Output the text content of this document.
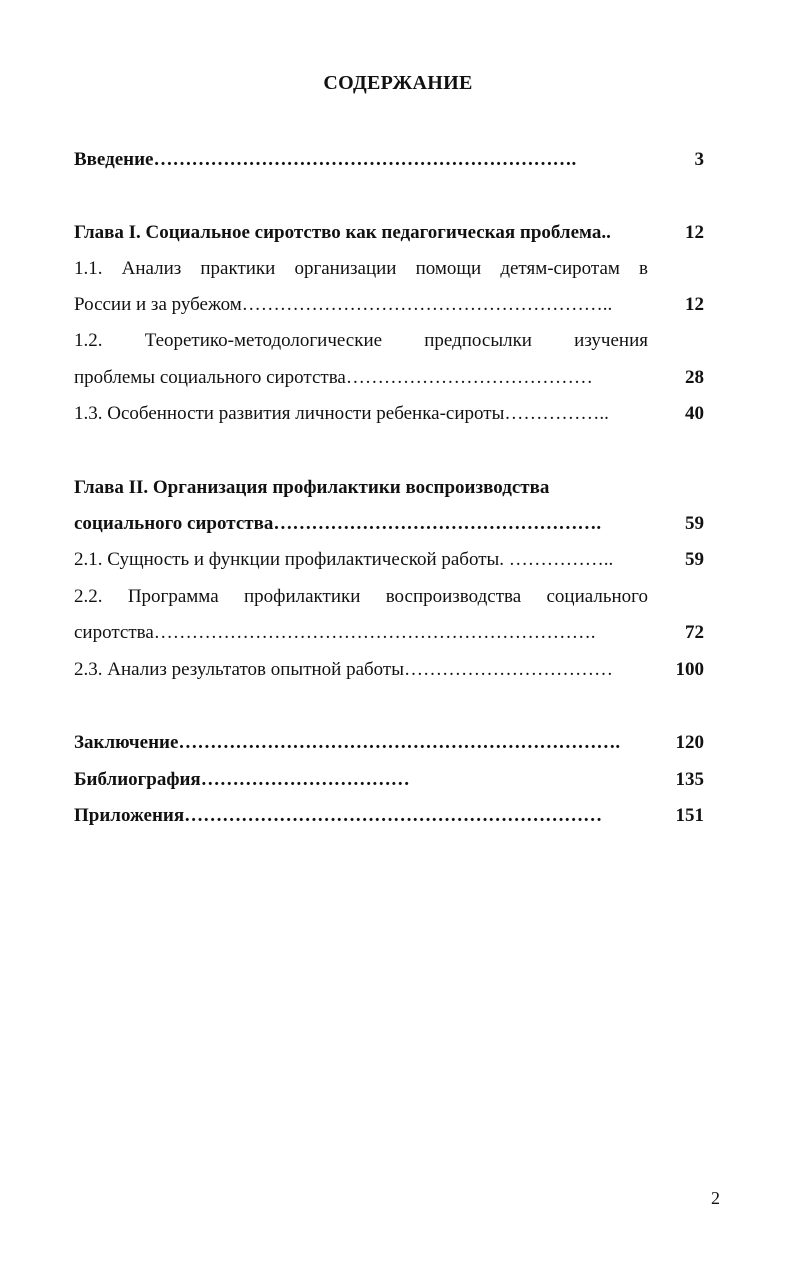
СОДЕРЖАНИЕ
Введение………………………………………………………….	3
Глава I. Социальное сиротство как педагогическая проблема..	12
1.1. Анализ практики организации помощи детям-сиротам в
России и за рубежом…………………………………………………..	12
1.2. Теоретико-методологические предпосылки изучения
проблемы социального сиротства…………………………………	28
1.3. Особенности развития личности ребенка-сироты……………..	40
Глава II. Организация профилактики воспроизводства
социального сиротства…………………………………………….	59
2.1. Сущность и функции профилактической работы. ……………..	59
2.2. Программа профилактики воспроизводства социального
сиротства…………………………………………………………….	72
2.3. Анализ результатов опытной работы……………………………	100
Заключение…………………………………………………………….	120
Библиография……………………………	135
Приложения…………………………………………………………	151
2
